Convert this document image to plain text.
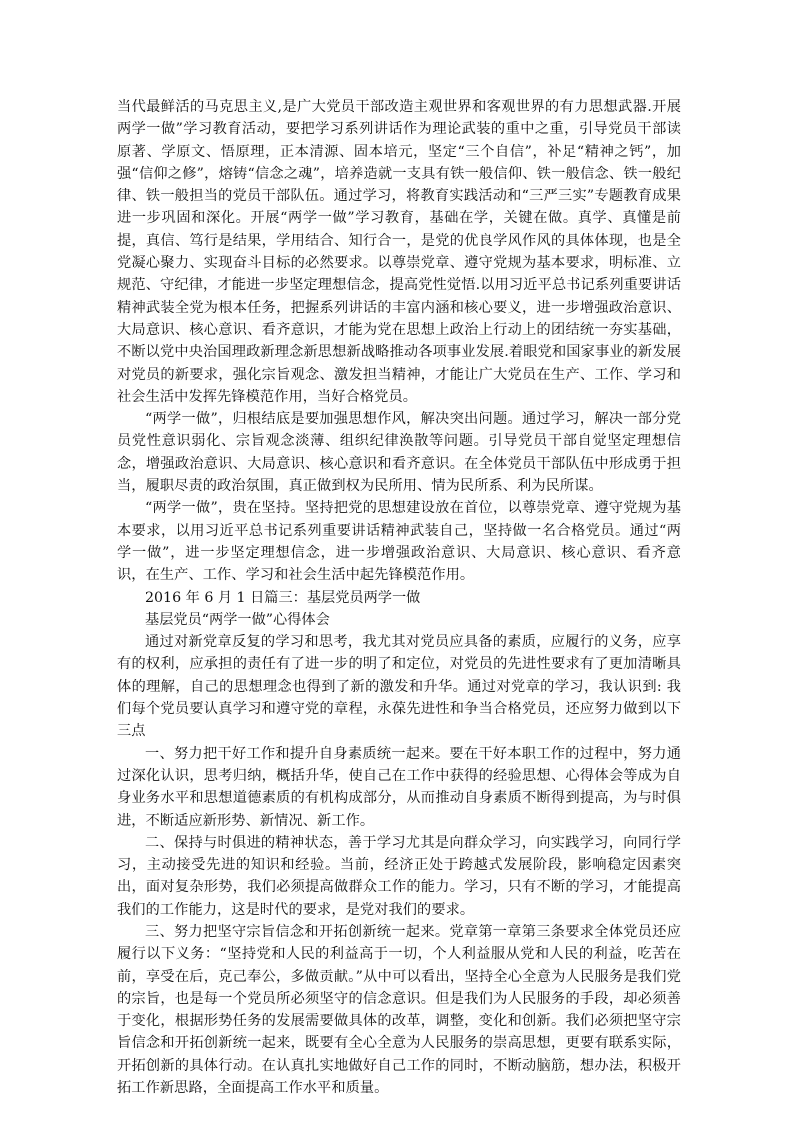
当代最鲜活的马克思主义,是广大党员干部改造主观世界和客观世界的有力思想武器.开展两学一做”学习教育活动，要把学习系列讲话作为理论武装的重中之重，引导党员干部读原著、学原文、悟原理，正本清源、固本培元，坚定“三个自信”，补足“精神之钙”，加强“信仰之修”，熔铸“信念之魂”，培养造就一支具有铁一般信仰、铁一般信念、铁一般纪律、铁一般担当的党员干部队伍。通过学习，将教育实践活动和“三严三实”专题教育成果进一步巩固和深化。开展“两学一做”学习教育，基础在学，关键在做。真学、真懂是前提，真信、笃行是结果，学用结合、知行合一，是党的优良学风作风的具体体现，也是全党凝心聚力、实现奋斗目标的必然要求。以尊崇党章、遵守党规为基本要求，明标准、立规范、守纪律，才能进一步坚定理想信念，提高党性觉悟.以用习近平总书记系列重要讲话精神武装全党为根本任务，把握系列讲话的丰富内涵和核心要义，进一步增强政治意识、大局意识、核心意识、看齐意识，才能为党在思想上政治上行动上的团结统一夯实基础，不断以党中央治国理政新理念新思想新战略推动各项事业发展.着眼党和国家事业的新发展对党员的新要求，强化宗旨观念、激发担当精神，才能让广大党员在生产、工作、学习和社会生活中发挥先锋模范作用，当好合格党员。

“两学一做”，归根结底是要加强思想作风，解决突出问题。通过学习，解决一部分党员党性意识弱化、宗旨观念淡薄、组织纪律涣散等问题。引导党员干部自觉坚定理想信念，增强政治意识、大局意识、核心意识和看齐意识。在全体党员干部队伍中形成勇于担当，履职尽责的政治氛围，真正做到权为民所用、情为民所系、利为民所谋。

“两学一做”，贵在坚持。坚持把党的思想建设放在首位，以尊崇党章、遵守党规为基本要求，以用习近平总书记系列重要讲话精神武装自己，坚持做一名合格党员。通过“两学一做”，进一步坚定理想信念，进一步增强政治意识、大局意识、核心意识、看齐意识，在生产、工作、学习和社会生活中起先锋模范作用。

2016 年 6 月 1 日篇三：基层党员两学一做

基层党员“两学一做”心得体会

通过对新党章反复的学习和思考，我尤其对党员应具备的素质，应履行的义务，应享有的权利，应承担的责任有了进一步的明了和定位，对党员的先进性要求有了更加清晰具体的理解，自己的思想理念也得到了新的激发和升华。通过对党章的学习，我认识到: 我们每个党员要认真学习和遵守党的章程，永葆先进性和争当合格党员，还应努力做到以下三点

一、努力把干好工作和提升自身素质统一起来。要在干好本职工作的过程中，努力通过深化认识，思考归纳，概括升华，使自己在工作中获得的经验思想、心得体会等成为自身业务水平和思想道德素质的有机构成部分，从而推动自身素质不断得到提高，为与时俱进，不断适应新形势、新情况、新工作。

二、保持与时俱进的精神状态，善于学习尤其是向群众学习，向实践学习，向同行学习，主动接受先进的知识和经验。当前，经济正处于跨越式发展阶段，影响稳定因素突出，面对复杂形势，我们必须提高做群众工作的能力。学习，只有不断的学习，才能提高我们的工作能力，这是时代的要求，是党对我们的要求。

三、努力把坚守宗旨信念和开拓创新统一起来。党章第一章第三条要求全体党员还应履行以下义务：“坚持党和人民的利益高于一切，个人利益服从党和人民的利益，吃苦在前，享受在后，克己奉公，多做贡献。”从中可以看出，坚持全心全意为人民服务是我们党的宗旨，也是每一个党员所必须坚守的信念意识。但是我们为人民服务的手段，却必须善于变化，根据形势任务的发展需要做具体的改革，调整，变化和创新。我们必须把坚守宗旨信念和开拓创新统一起来，既要有全心全意为人民服务的崇高思想，更要有联系实际，开拓创新的具体行动。在认真扎实地做好自己工作的同时，不断动脑筋，想办法，积极开拓工作新思路，全面提高工作水平和质量。
